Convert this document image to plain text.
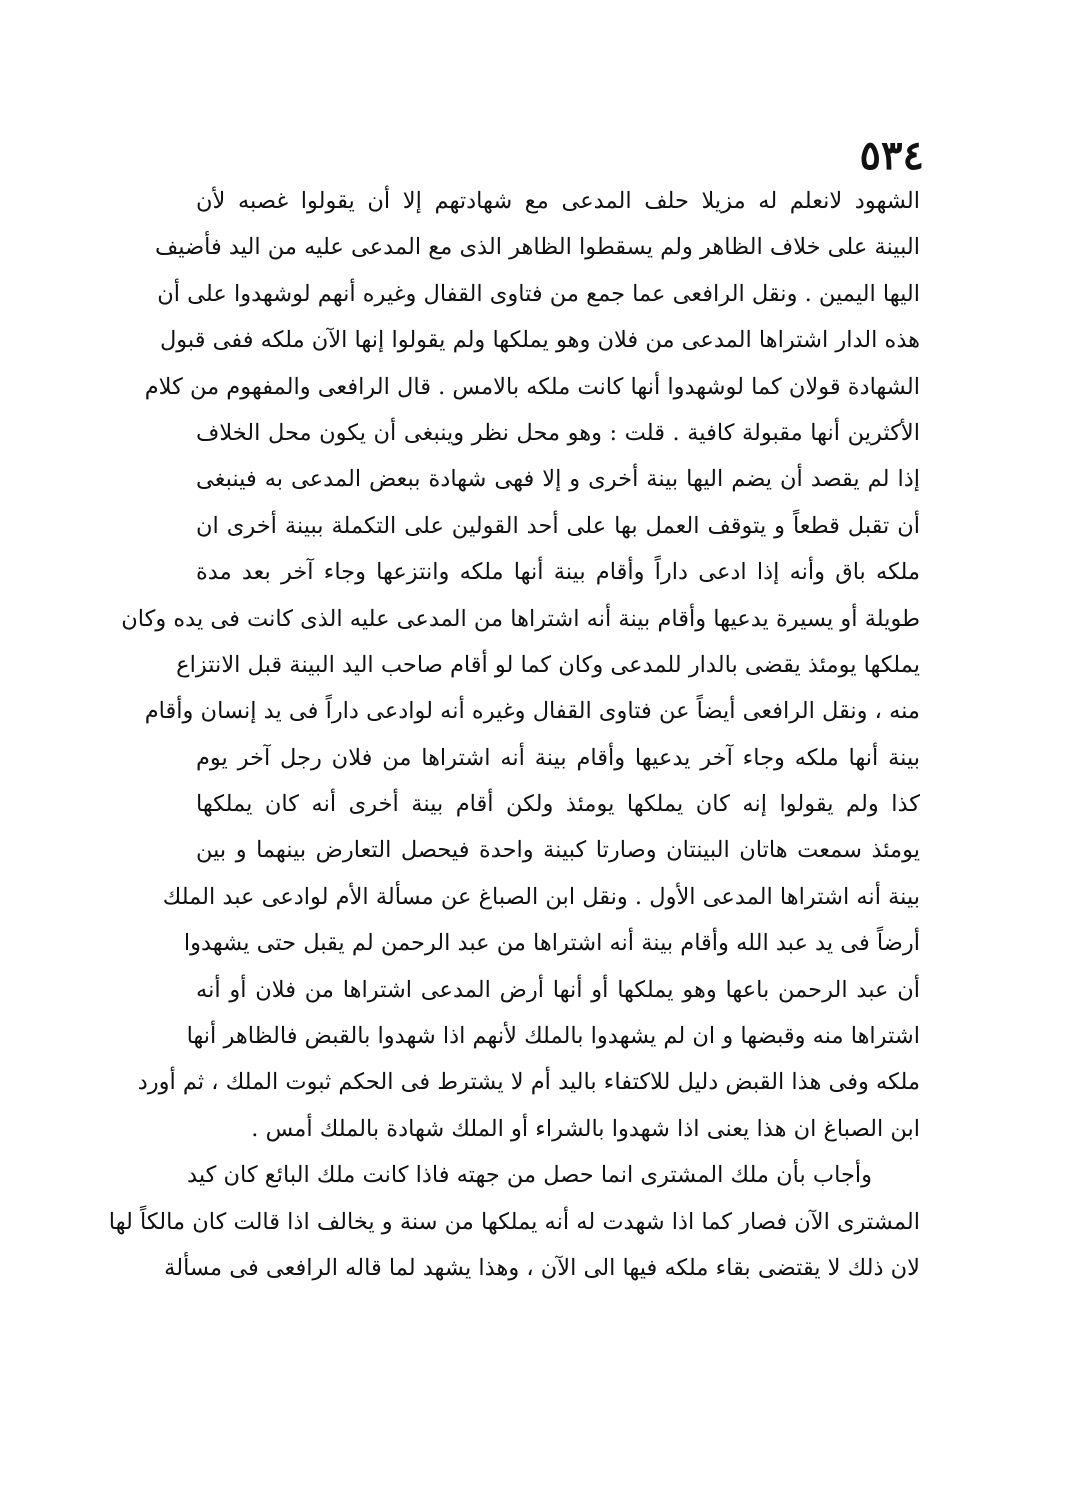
٥٣٤
الشهود لانعلم له مزيلا حلف المدعى مع شهادتهم إلا أن يقولوا غصبه لأن
البينة على خلاف الظاهر ولم يسقطوا الظاهر الذى مع المدعى عليه من اليد فأضيف
اليها اليمين . ونقل الرافعى عما جمع من فتاوى القفال وغيره أنهم لوشهدوا على أن
هذه الدار اشتراها المدعى من فلان وهو يملكها ولم يقولوا إنها الآن ملكه ففى قبول
الشهادة قولان كما لوشهدوا أنها كانت ملكه بالامس . قال الرافعى والمفهوم من كلام
الأكثرين أنها مقبولة كافية . قلت : وهو محل نظر وينبغى أن يكون محل الخلاف
إذا لم يقصد أن يضم اليها بينة أخرى و إلا فهى شهادة ببعض المدعى به فينبغى
أن تقبل قطعاً و يتوقف العمل بها على أحد القولين على التكملة ببينة أخرى ان
ملكه باق وأنه إذا ادعى داراً وأقام بينة أنها ملكه وانتزعها وجاء آخر بعد مدة
طويلة أو يسيرة يدعيها وأقام بينة أنه اشتراها من المدعى عليه الذى كانت فى يده وكان
يملكها يومئذ يقضى بالدار للمدعى وكان كما لو أقام صاحب اليد البينة قبل الانتزاع
منه ، ونقل الرافعى أيضاً عن فتاوى القفال وغيره أنه لوادعى داراً فى يد إنسان وأقام
بينة أنها ملكه وجاء آخر يدعيها وأقام بينة أنه اشتراها من فلان رجل آخر يوم
كذا ولم يقولوا إنه كان يملكها يومئذ ولكن أقام بينة أخرى أنه كان يملكها
يومئذ سمعت هاتان البينتان وصارتا كبينة واحدة فيحصل التعارض بينهما و بين
بينة أنه اشتراها المدعى الأول . ونقل ابن الصباغ عن مسألة الأم لوادعى عبد الملك
أرضاً فى يد عبد الله وأقام بينة أنه اشتراها من عبد الرحمن لم يقبل حتى يشهدوا
أن عبد الرحمن باعها وهو يملكها أو أنها أرض المدعى اشتراها من فلان أو أنه
اشتراها منه وقبضها و ان لم يشهدوا بالملك لأنهم اذا شهدوا بالقبض فالظاهر أنها
ملكه وفى هذا القبض دليل للاكتفاء باليد أم لا يشترط فى الحكم ثبوت الملك ، ثم أورد
ابن الصباغ ان هذا يعنى اذا شهدوا بالشراء أو الملك شهادة بالملك أمس .
وأجاب بأن ملك المشترى انما حصل من جهته فاذا كانت ملك البائع كان كيد
المشترى الآن فصار كما اذا شهدت له أنه يملكها من سنة و يخالف اذا قالت كان مالكاً لها
لان ذلك لا يقتضى بقاء ملكه فيها الى الآن ، وهذا يشهد لما قاله الرافعى فى مسألة
